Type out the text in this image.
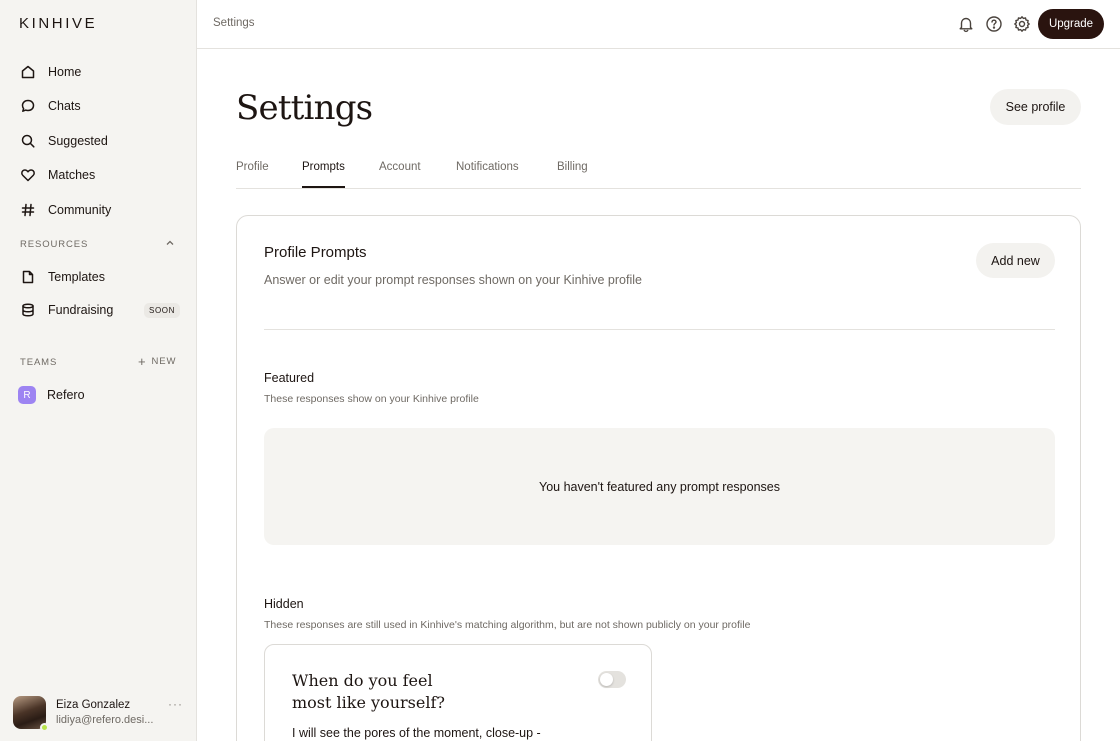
KINHIVE
Home
Chats
Suggested
Matches
Community
RESOURCES
Templates
Fundraising	SOON
TEAMS	+ NEW
R	Refero
Eiza Gonzalez
lidiya@refero.desi...
···
Settings	Upgrade
Settings	See profile
Profile	Prompts	Account	Notifications	Billing
Profile Prompts
Answer or edit your prompt responses shown on your Kinhive profile
Add new
Featured
These responses show on your Kinhive profile
You haven't featured any prompt responses
Hidden
These responses are still used in Kinhive's matching algorithm, but are not shown publicly on your profile
When do you feel
most like yourself?
I will see the pores of the moment, close-up -
